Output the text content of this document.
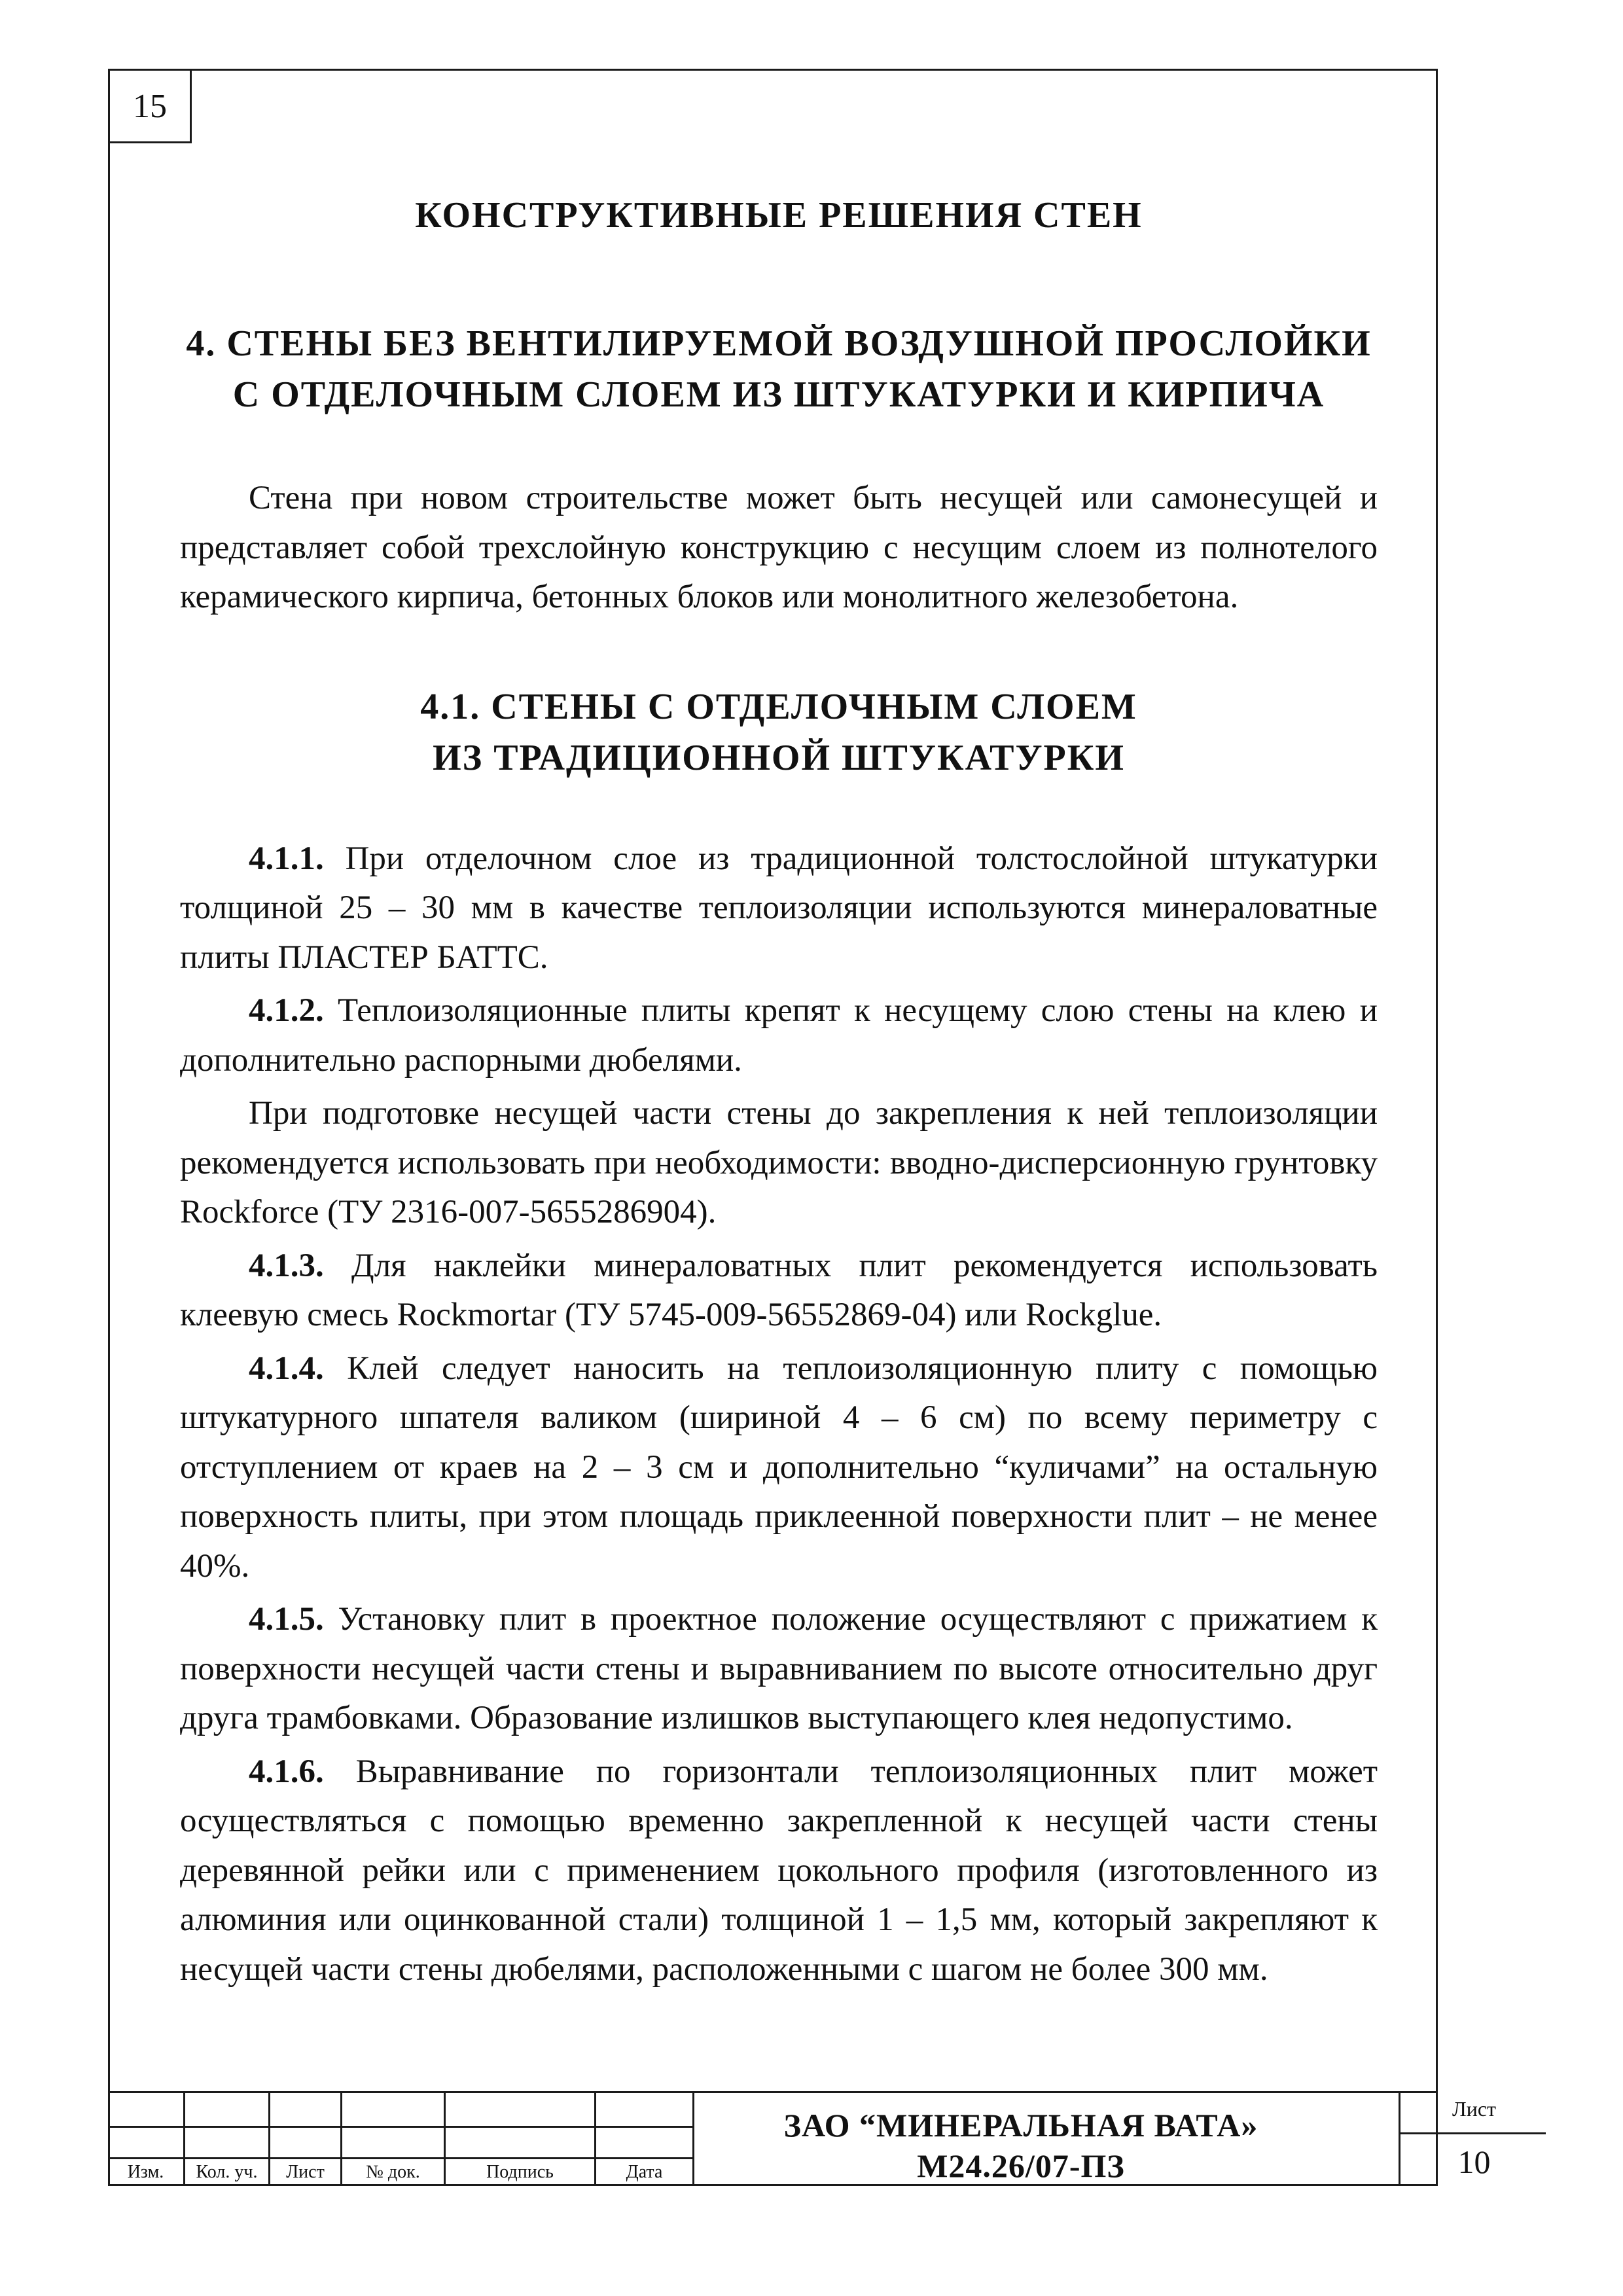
15
КОНСТРУКТИВНЫЕ РЕШЕНИЯ СТЕН
4. СТЕНЫ БЕЗ ВЕНТИЛИРУЕМОЙ ВОЗДУШНОЙ ПРОСЛОЙКИ
С ОТДЕЛОЧНЫМ СЛОЕМ ИЗ ШТУКАТУРКИ И КИРПИЧА

Стена при новом строительстве может быть несущей или самонесущей и представляет собой трехслойную конструкцию с несущим слоем из полнотелого керамического кирпича, бетонных блоков или монолитного железобетона.

4.1. СТЕНЫ С ОТДЕЛОЧНЫМ СЛОЕМ
ИЗ ТРАДИЦИОННОЙ ШТУКАТУРКИ

4.1.1. При отделочном слое из традиционной толстослойной штукатурки толщиной 25 – 30 мм в качестве теплоизоляции используются минераловатные плиты ПЛАСТЕР БАТТС.

4.1.2. Теплоизоляционные плиты крепят к несущему слою стены на клею и дополнительно распорными дюбелями.

При подготовке несущей части стены до закрепления к ней теплоизоляции рекомендуется использовать при необходимости: вводно-дисперсионную грунтовку Rockforce (ТУ 2316-007-5655286904).

4.1.3. Для наклейки минераловатных плит рекомендуется использовать клеевую смесь Rockmortar (ТУ 5745-009-56552869-04) или Rockglue.

4.1.4. Клей следует наносить на теплоизоляционную плиту с помощью штукатурного шпателя валиком (шириной 4 – 6 см) по всему периметру с отступлением от краев на 2 – 3 см и дополнительно “куличами” на остальную поверхность плиты, при этом площадь приклеенной поверхности плит – не менее 40%.

4.1.5. Установку плит в проектное положение осуществляют с прижатием к поверхности несущей части стены и выравниванием по высоте относительно друг друга трамбовками. Образование излишков выступающего клея недопустимо.

4.1.6. Выравнивание по горизонтали теплоизоляционных плит может осуществляться с помощью временно закрепленной к несущей части стены деревянной рейки или с применением цокольного профиля (изготовленного из алюминия или оцинкованной стали) толщиной 1 – 1,5 мм, который закрепляют к несущей части стены дюбелями, расположенными с шагом не более 300 мм.

Изм.	Кол. уч.	Лист	№ док.	Подпись	Дата
ЗАО “МИНЕРАЛЬНАЯ ВАТА»
М24.26/07-ПЗ
Лист
10
